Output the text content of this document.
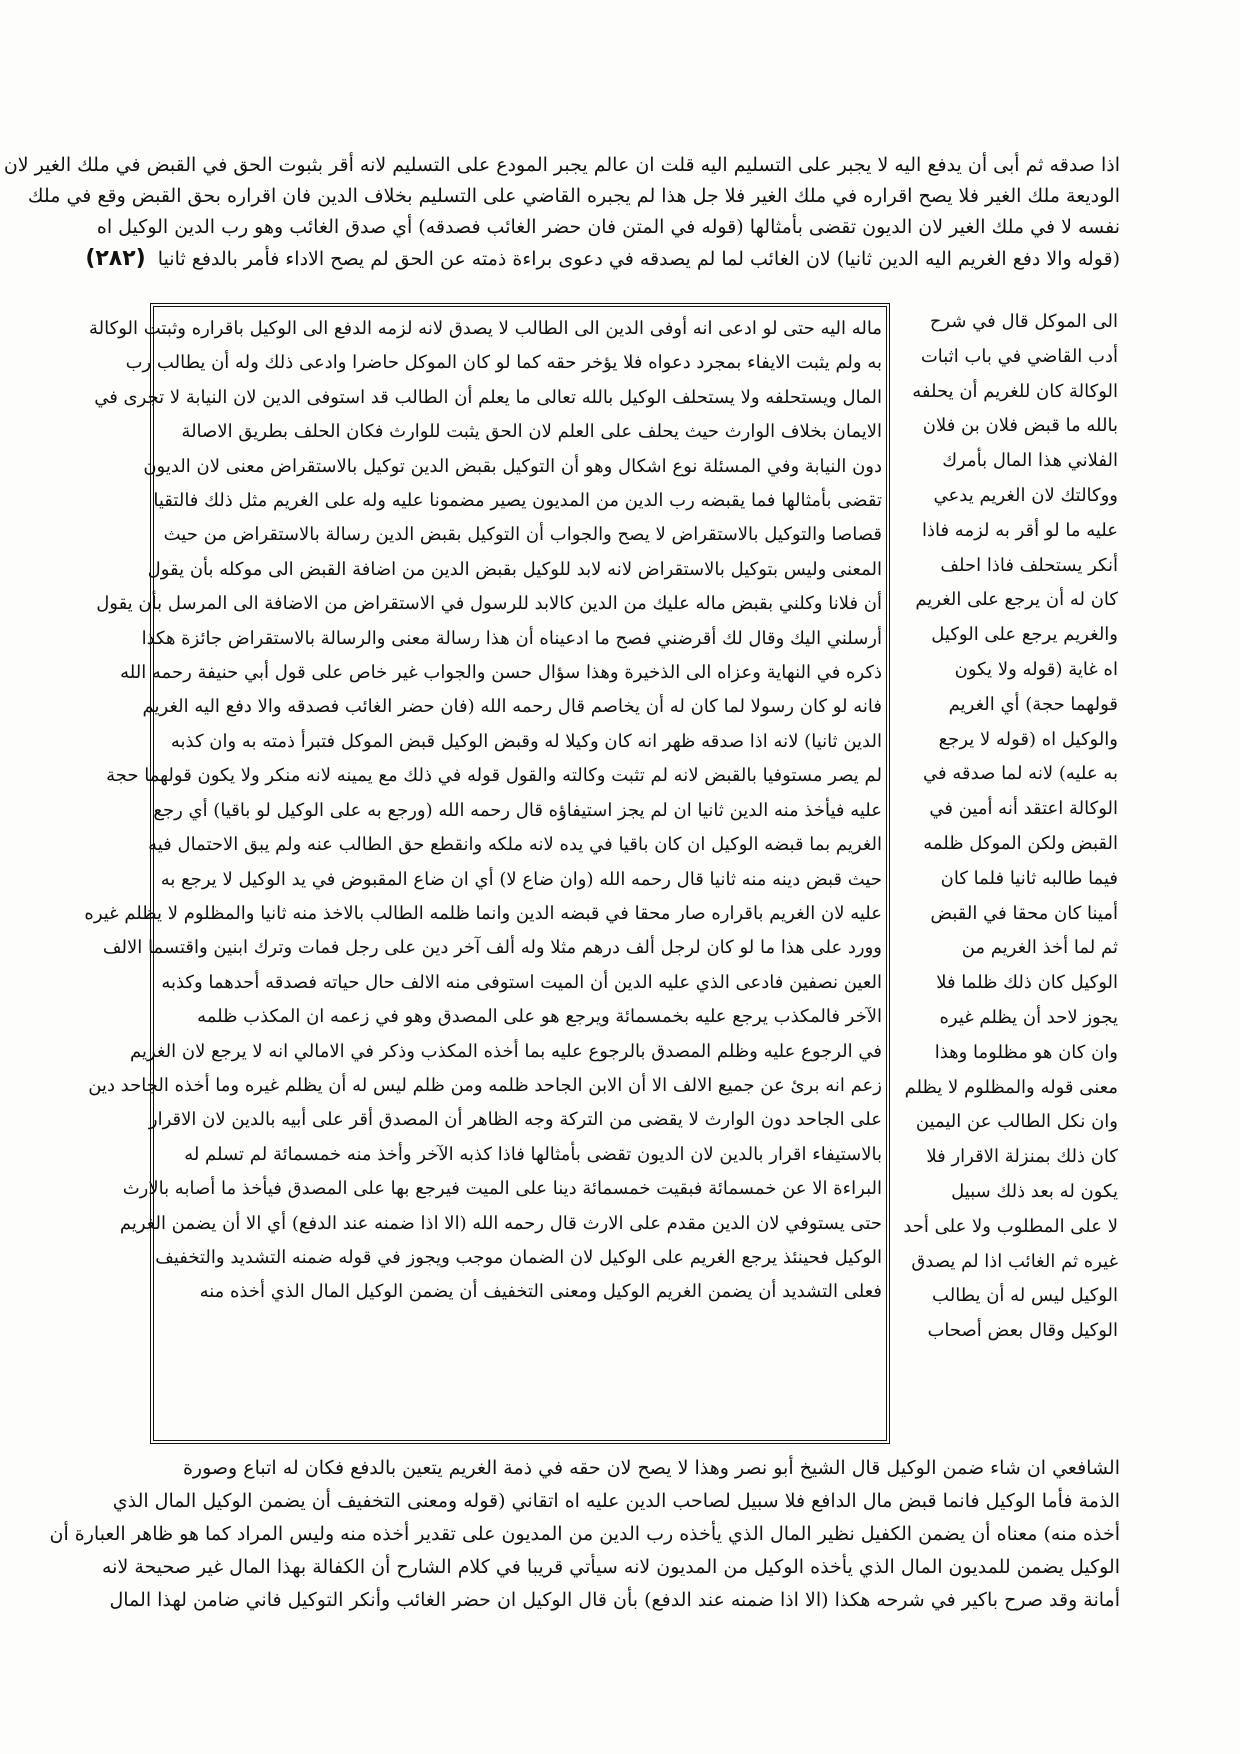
اذا صدقه ثم أبى أن يدفع اليه لا يجبر على التسليم اليه قلت ان عالم يجبر المودع على التسليم لانه أقر بثبوت الحق في القبض في ملك الغير لان
الوديعة ملك الغير فلا يصح اقراره في ملك الغير فلا جل هذا لم يجبره القاضي على التسليم بخلاف الدين فان اقراره بحق القبض وقع في ملك
نفسه لا في ملك الغير لان الديون تقضى بأمثالها (قوله في المتن فان حضر الغائب فصدقه) أي صدق الغائب وهو رب الدين الوكيل اه
(قوله والا دفع الغريم اليه الدين ثانيا) لان الغائب لما لم يصدقه في دعوى براءة ذمته عن الحق لم يصح الاداء فأمر بالدفع ثانيا (٢٨٢)
ماله اليه حتى لو ادعى انه أوفى الدين الى الطالب لا يصدق لانه لزمه الدفع الى الوكيل باقراره وثبتت الوكالة
به ولم يثبت الايفاء بمجرد دعواه فلا يؤخر حقه كما لو كان الموكل حاضرا وادعى ذلك وله أن يطالب رب
المال ويستحلفه ولا يستحلف الوكيل بالله تعالى ما يعلم أن الطالب قد استوفى الدين لان النيابة لا تجرى في
الايمان بخلاف الوارث حيث يحلف على العلم لان الحق يثبت للوارث فكان الحلف بطريق الاصالة
دون النيابة وفي المسئلة نوع اشكال وهو أن التوكيل بقبض الدين توكيل بالاستقراض معنى لان الديون
تقضى بأمثالها فما يقبضه رب الدين من المديون يصير مضمونا عليه وله على الغريم مثل ذلك فالتقيا
قصاصا والتوكيل بالاستقراض لا يصح والجواب أن التوكيل بقبض الدين رسالة بالاستقراض من حيث
المعنى وليس بتوكيل بالاستقراض لانه لابد للوكيل بقبض الدين من اضافة القبض الى موكله بأن يقول
أن فلانا وكلني بقبض ماله عليك من الدين كالابد للرسول في الاستقراض من الاضافة الى المرسل بأن يقول
أرسلني اليك وقال لك أقرضني فصح ما ادعيناه أن هذا رسالة معنى والرسالة بالاستقراض جائزة هكذا
ذكره في النهاية وعزاه الى الذخيرة وهذا سؤال حسن والجواب غير خاص على قول أبي حنيفة رحمه الله
فانه لو كان رسولا لما كان له أن يخاصم قال رحمه الله (فان حضر الغائب فصدقه والا دفع اليه الغريم
الدين ثانيا) لانه اذا صدقه ظهر انه كان وكيلا له وقبض الوكيل قبض الموكل فتبرأ ذمته به وان كذبه
لم يصر مستوفيا بالقبض لانه لم تثبت وكالته والقول قوله في ذلك مع يمينه لانه منكر ولا يكون قولهما حجة
عليه فيأخذ منه الدين ثانيا ان لم يجز استيفاؤه قال رحمه الله (ورجع به على الوكيل لو باقيا) أي رجع
الغريم بما قبضه الوكيل ان كان باقيا في يده لانه ملكه وانقطع حق الطالب عنه ولم يبق الاحتمال فيه
حيث قبض دينه منه ثانيا قال رحمه الله (وان ضاع لا) أي ان ضاع المقبوض في يد الوكيل لا يرجع به
عليه لان الغريم باقراره صار محقا في قبضه الدين وانما ظلمه الطالب بالاخذ منه ثانيا والمظلوم لا يظلم غيره
وورد على هذا ما لو كان لرجل ألف درهم مثلا وله ألف آخر دين على رجل فمات وترك ابنين واقتسما الالف
العين نصفين فادعى الذي عليه الدين أن الميت استوفى منه الالف حال حياته فصدقه أحدهما وكذبه
الآخر فالمكذب يرجع عليه بخمسمائة ويرجع هو على المصدق وهو في زعمه ان المكذب ظلمه
في الرجوع عليه وظلم المصدق بالرجوع عليه بما أخذه المكذب وذكر في الامالي انه لا يرجع لان الغريم
زعم انه برئ عن جميع الالف الا أن الابن الجاحد ظلمه ومن ظلم ليس له أن يظلم غيره وما أخذه الجاحد دين
على الجاحد دون الوارث لا يقضى من التركة وجه الظاهر أن المصدق أقر على أبيه بالدين لان الاقرار
بالاستيفاء اقرار بالدين لان الديون تقضى بأمثالها فاذا كذبه الآخر وأخذ منه خمسمائة لم تسلم له
البراءة الا عن خمسمائة فبقيت خمسمائة دينا على الميت فيرجع بها على المصدق فيأخذ ما أصابه بالارث
حتى يستوفي لان الدين مقدم على الارث قال رحمه الله (الا اذا ضمنه عند الدفع) أي الا أن يضمن الغريم
الوكيل فحينئذ يرجع الغريم على الوكيل لان الضمان موجب ويجوز في قوله ضمنه التشديد والتخفيف
فعلى التشديد أن يضمن الغريم الوكيل ومعنى التخفيف أن يضمن الوكيل المال الذي أخذه منه
الى الموكل قال في شرح
أدب القاضي في باب اثبات
الوكالة كان للغريم أن يحلفه
بالله ما قبض فلان بن فلان
الفلاني هذا المال بأمرك
ووكالتك لان الغريم يدعي
عليه ما لو أقر به لزمه فاذا
أنكر يستحلف فاذا احلف
كان له أن يرجع على الغريم
والغريم يرجع على الوكيل
اه غاية (قوله ولا يكون
قولهما حجة) أي الغريم
والوكيل اه (قوله لا يرجع
به عليه) لانه لما صدقه في
الوكالة اعتقد أنه أمين في
القبض ولكن الموكل ظلمه
فيما طالبه ثانيا فلما كان
أمينا كان محقا في القبض
ثم لما أخذ الغريم من
الوكيل كان ذلك ظلما فلا
يجوز لاحد أن يظلم غيره
وان كان هو مظلوما وهذا
معنى قوله والمظلوم لا يظلم
وان نكل الطالب عن اليمين
كان ذلك بمنزلة الاقرار فلا
يكون له بعد ذلك سبيل
لا على المطلوب ولا على أحد
غيره ثم الغائب اذا لم يصدق
الوكيل ليس له أن يطالب
الوكيل وقال بعض أصحاب
الشافعي ان شاء ضمن الوكيل قال الشيخ أبو نصر وهذا لا يصح لان حقه في ذمة الغريم يتعين بالدفع فكان له اتباع وصورة
الذمة فأما الوكيل فانما قبض مال الدافع فلا سبيل لصاحب الدين عليه اه اتقاني (قوله ومعنى التخفيف أن يضمن الوكيل المال الذي
أخذه منه) معناه أن يضمن الكفيل نظير المال الذي يأخذه رب الدين من المديون على تقدير أخذه منه وليس المراد كما هو ظاهر العبارة أن
الوكيل يضمن للمديون المال الذي يأخذه الوكيل من المديون لانه سيأتي قريبا في كلام الشارح أن الكفالة بهذا المال غير صحيحة لانه
أمانة وقد صرح باكير في شرحه هكذا (الا اذا ضمنه عند الدفع) بأن قال الوكيل ان حضر الغائب وأنكر التوكيل فاني ضامن لهذا المال
